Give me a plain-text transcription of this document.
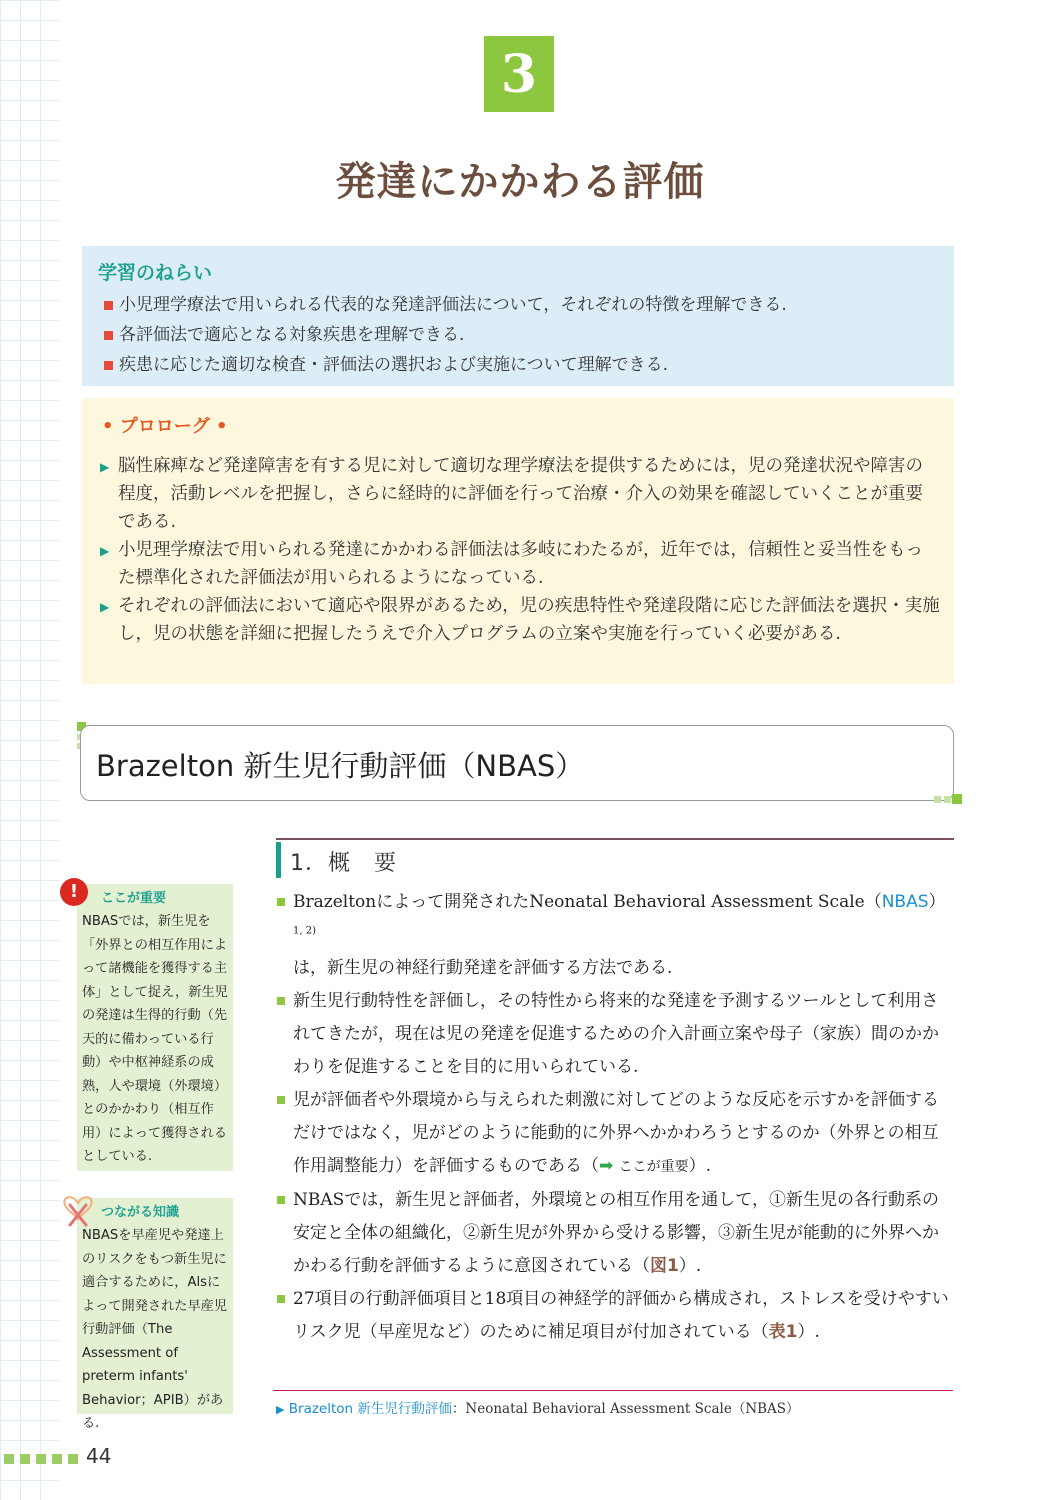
3
発達にかかわる評価
学習のねらい
小児理学療法で用いられる代表的な発達評価法について，それぞれの特徴を理解できる.
各評価法で適応となる対象疾患を理解できる.
疾患に応じた適切な検査・評価法の選択および実施について理解できる.
• プロローグ •
▶ 脳性麻痺など発達障害を有する児に対して適切な理学療法を提供するためには，児の発達状況や障害の程度，活動レベルを把握し，さらに経時的に評価を行って治療・介入の効果を確認していくことが重要である.
▶ 小児理学療法で用いられる発達にかかわる評価法は多岐にわたるが，近年では，信頼性と妥当性をもった標準化された評価法が用いられるようになっている.
▶ それぞれの評価法において適応や限界があるため，児の疾患特性や発達段階に応じた評価法を選択・実施し，児の状態を詳細に把握したうえで介入プログラムの立案や実施を行っていく必要がある.
Brazelton 新生児行動評価（NBAS）
1．概　要
Brazeltonによって開発されたNeonatal Behavioral Assessment Scale（NBAS）$^{1, 2)}$
は，新生児の神経行動発達を評価する方法である.
新生児行動特性を評価し，その特性から将来的な発達を予測するツールとして利用されてきたが，現在は児の発達を促進するための介入計画立案や母子（家族）間のかかわりを促進することを目的に用いられている.
児が評価者や外環境から与えられた刺激に対してどのような反応を示すかを評価するだけではなく，児がどのように能動的に外界へかかわろうとするのか（外界との相互作用調整能力）を評価するものである（➡ ここが重要）.
NBASでは，新生児と評価者，外環境との相互作用を通して，①新生児の各行動系の安定と全体の組織化，②新生児が外界から受ける影響，③新生児が能動的に外界へかかわる行動を評価するように意図されている（図1）.
27項目の行動評価項目と18項目の神経学的評価から構成され，ストレスを受けやすいリスク児（早産児など）のために補足項目が付加されている（表1）.
ここが重要
NBASでは，新生児を「外界との相互作用によって諸機能を獲得する主体」として捉え，新生児の発達は生得的行動（先天的に備わっている行動）や中枢神経系の成熟，人や環境（外環境）とのかかわり（相互作用）によって獲得されるとしている.
!
つながる知識
NBASを早産児や発達上のリスクをもつ新生児に適合するために，Alsによって開発された早産児行動評価（The Assessment of preterm infants' Behavior；APIB）がある.
▶ Brazelton 新生児行動評価：Neonatal Behavioral Assessment Scale（NBAS）
44
